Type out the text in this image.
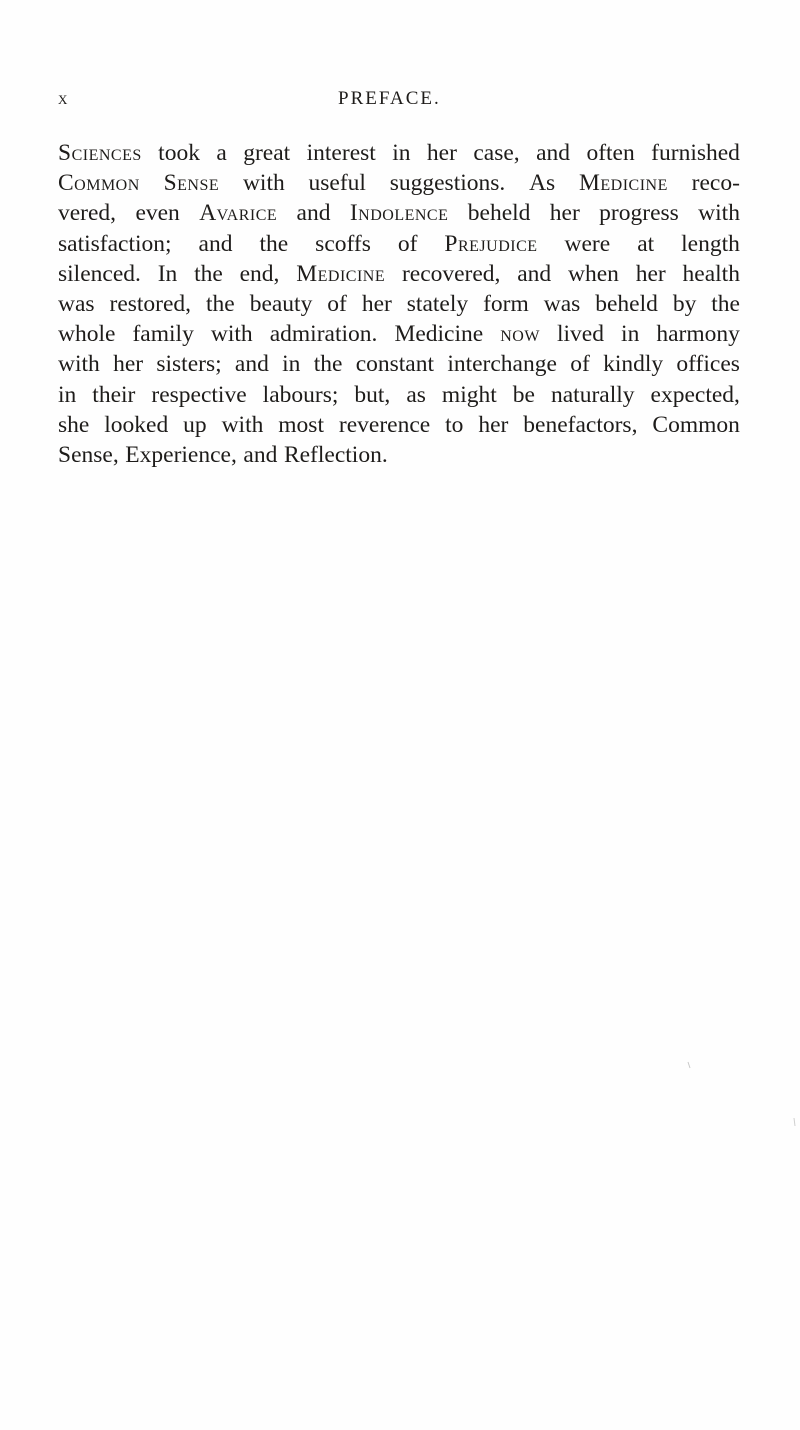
x	PREFACE.
Sciences took a great interest in her case, and often furnished
Common Sense with useful suggestions. As Medicine reco-
vered, even Avarice and Indolence beheld her progress with
satisfaction; and the scoffs of Prejudice were at length
silenced. In the end, Medicine recovered, and when her health
was restored, the beauty of her stately form was beheld by the
whole family with admiration. Medicine now lived in harmony
with her sisters; and in the constant interchange of kindly offices
in their respective labours; but, as might be naturally expected,
she looked up with most reverence to her benefactors, Common
Sense, Experience, and Reflection.
